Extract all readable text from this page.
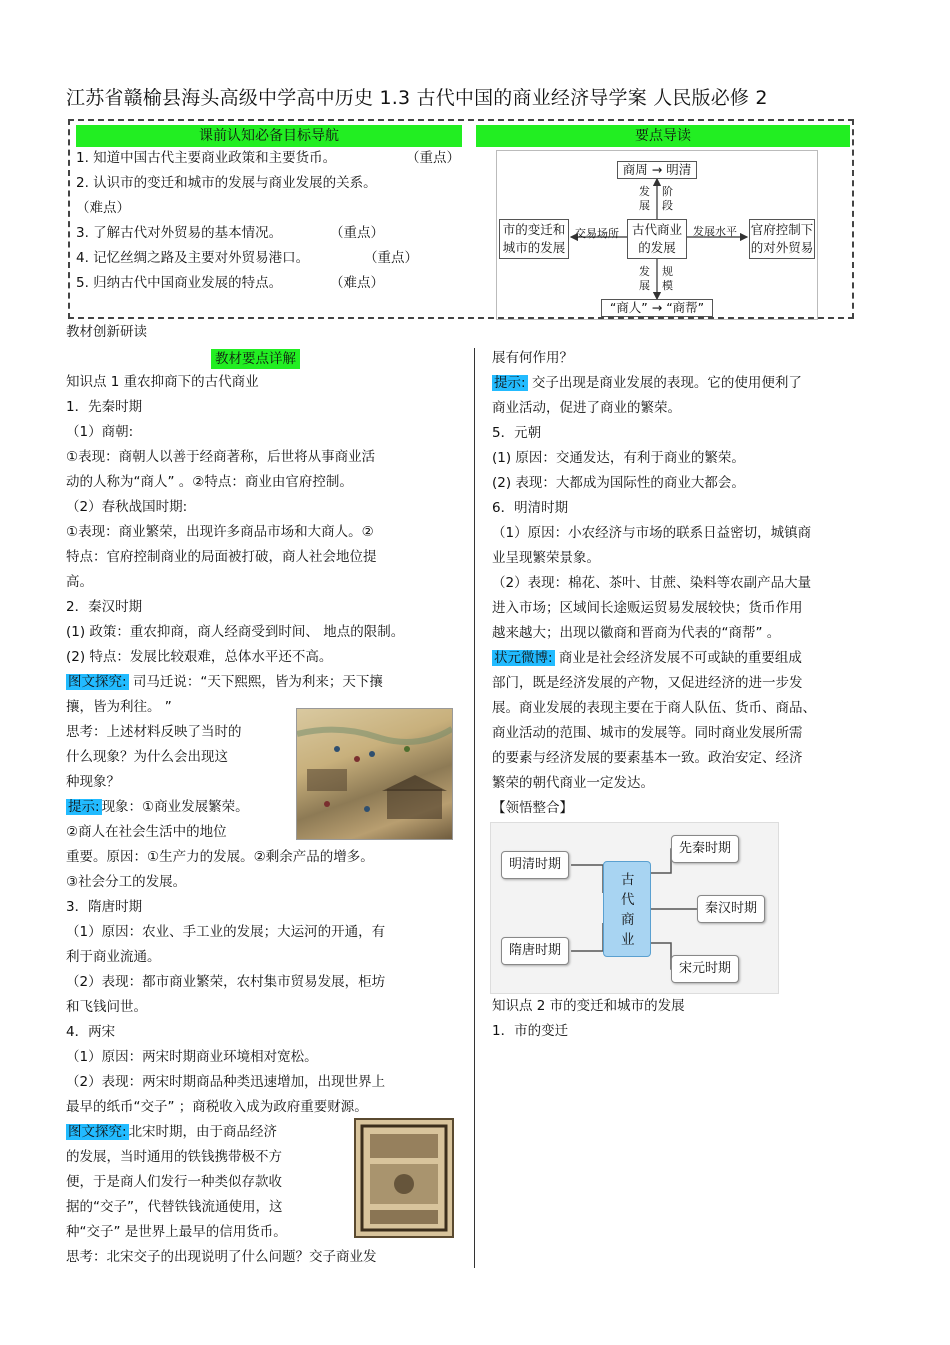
江苏省赣榆县海头高级中学高中历史 1.3 古代中国的商业经济导学案 人民版必修 2
课前认知必备目标导航	要点导读
1. 知道中国古代主要商业政策和主要货币。	（重点）
2. 认识市的变迁和城市的发展与商业发展的关系。
（难点）
3. 了解古代对外贸易的基本情况。	（重点）
4. 记忆丝绸之路及主要对外贸易港口。	（重点）
5. 归纳古代中国商业发展的特点。	（难点）
商周 → 明清
发展
阶段
古代商业的发展
市的变迁和城市的发展
交易场所	官府控制下的对外贸易
发展水平
发展
规模
“商人” → “商帮”
教材创新研读
教材要点详解
知识点 1 重农抑商下的古代商业
1．先秦时期
（1）商朝:
①表现：商朝人以善于经商著称，后世将从事商业活
动的人称为“商人” 。②特点：商业由官府控制。
（2）春秋战国时期:
①表现：商业繁荣，出现许多商品市场和大商人。②
特点：官府控制商业的局面被打破，商人社会地位提
高。
2．秦汉时期
(1) 政策：重农抑商，商人经商受到时间、 地点的限制。
(2) 特点：发展比较艰难，总体水平还不高。
图文探究: 司马迁说：“天下熙熙，皆为利来；天下攘
攘，皆为利往。 ”
思考：上述材料反映了当时的
什么现象？为什么会出现这
种现象？
提示: 现象：①商业发展繁荣。
②商人在社会生活中的地位
重要。原因：①生产力的发展。②剩余产品的增多。
③社会分工的发展。
3．隋唐时期
（1）原因：农业、手工业的发展；大运河的开通，有
利于商业流通。
（2）表现：都市商业繁荣，农村集市贸易发展，柜坊
和飞钱问世。
4．两宋
（1）原因：两宋时期商业环境相对宽松。
（2）表现：两宋时期商品种类迅速增加，出现世界上
最早的纸币“交子” ；商税收入成为政府重要财源。
图文探究: 北宋时期，由于商品经济
的发展，当时通用的铁钱携带极不方
便，于是商人们发行一种类似存款收
据的“交子”，代替铁钱流通使用，这
种“交子” 是世界上最早的信用货币。
思考：北宋交子的出现说明了什么问题？交子商业发
展有何作用？
提示: 交子出现是商业发展的表现。它的使用便利了
商业活动，促进了商业的繁荣。
5．元朝
(1) 原因：交通发达，有利于商业的繁荣。
(2) 表现：大都成为国际性的商业大都会。
6．明清时期
（1）原因：小农经济与市场的联系日益密切，城镇商
业呈现繁荣景象。
（2）表现：棉花、茶叶、甘蔗、染料等农副产品大量
进入市场；区域间长途贩运贸易发展较快；货币作用
越来越大；出现以徽商和晋商为代表的“商帮” 。
状元微博: 商业是社会经济发展不可或缺的重要组成
部门，既是经济发展的产物，又促进经济的进一步发
展。商业发展的表现主要在于商人队伍、货币、商品、
商业活动的范围、城市的发展等。同时商业发展所需
的要素与经济发展的要素基本一致。政治安定、经济
繁荣的朝代商业一定发达。
【领悟整合】
明清时期
先秦时期
秦汉时期
隋唐时期
宋元时期
古代商业
知识点 2 市的变迁和城市的发展
1．市的变迁
